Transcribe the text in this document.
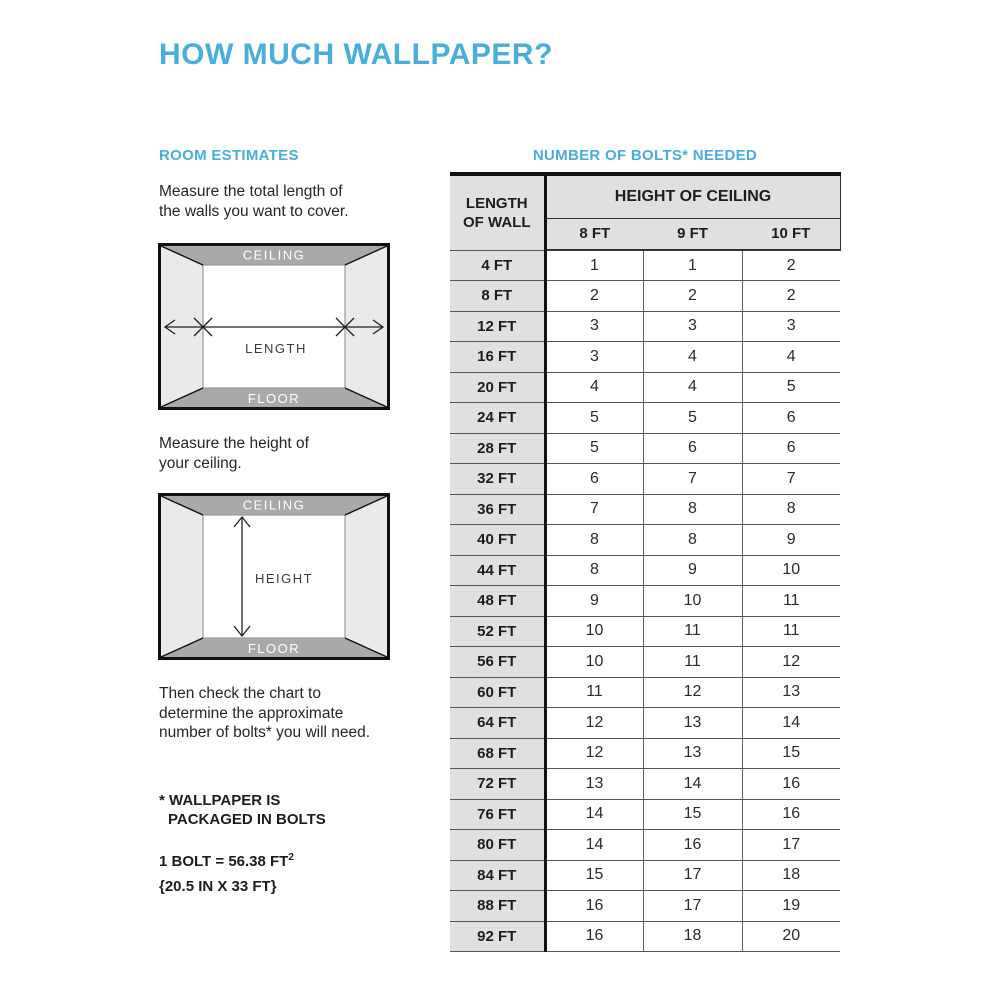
HOW MUCH WALLPAPER?
ROOM ESTIMATES
Measure the total length of
the walls you want to cover.
CEILING
FLOOR
LENGTH
Measure the height of
your ceiling.
CEILING
FLOOR
HEIGHT
Then check the chart to
determine the approximate
number of bolts* you will need.
* WALLPAPER IS
PACKAGED IN BOLTS
1 BOLT = 56.38 $FT^2$
{20.5 IN X 33 FT}
NUMBER OF BOLTS* NEEDED
LENGTH
OF WALL	HEIGHT OF CEILING		
	8 FT	9 FT	10 FT
4 FT	1	1	2
8 FT	2	2	2
12 FT	3	3	3
16 FT	3	4	4
20 FT	4	4	5
24 FT	5	5	6
28 FT	5	6	6
32 FT	6	7	7
36 FT	7	8	8
40 FT	8	8	9
44 FT	8	9	10
48 FT	9	10	11
52 FT	10	11	11
56 FT	10	11	12
60 FT	11	12	13
64 FT	12	13	14
68 FT	12	13	15
72 FT	13	14	16
76 FT	14	15	16
80 FT	14	16	17
84 FT	15	17	18
88 FT	16	17	19
92 FT	16	18	20
